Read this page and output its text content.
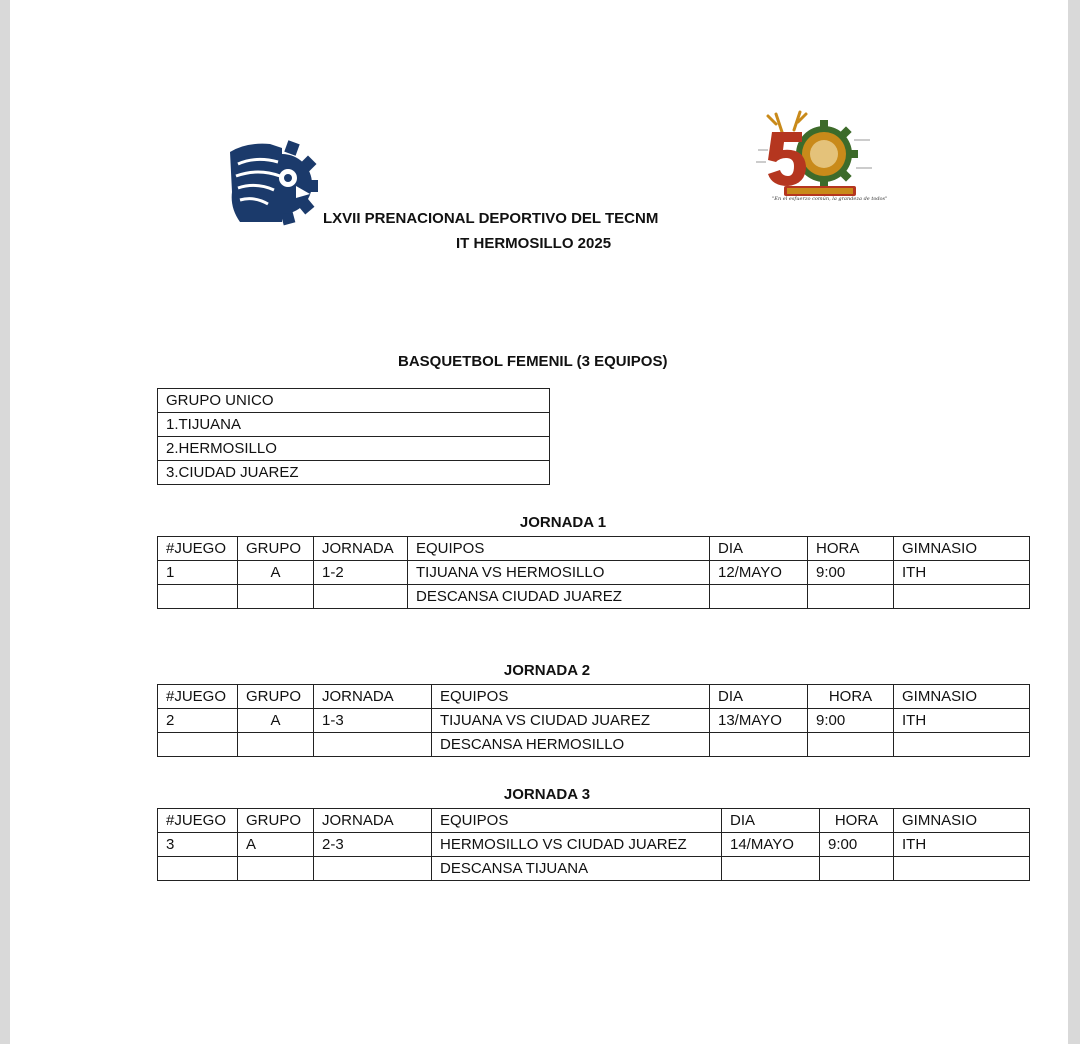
"En el esfuerzo común, la grandeza de todos"
LXVII PRENACIONAL DEPORTIVO DEL TECNM
IT HERMOSILLO 2025
BASQUETBOL FEMENIL (3 EQUIPOS)
GRUPO UNICO
1.TIJUANA
2.HERMOSILLO
3.CIUDAD JUAREZ
JORNADA 1
#JUEGO	GRUPO	JORNADA	EQUIPOS	DIA	HORA	GIMNASIO
1	A	1-2	TIJUANA VS HERMOSILLO	12/MAYO	9:00	ITH
			DESCANSA CIUDAD JUAREZ			
JORNADA 2
#JUEGO	GRUPO	JORNADA	EQUIPOS	DIA	HORA	GIMNASIO
2	A	1-3	TIJUANA VS CIUDAD JUAREZ	13/MAYO	9:00	ITH
			DESCANSA HERMOSILLO			
JORNADA 3
#JUEGO	GRUPO	JORNADA	EQUIPOS	DIA	HORA	GIMNASIO
3	A	2-3	HERMOSILLO VS CIUDAD JUAREZ	14/MAYO	9:00	ITH
			DESCANSA TIJUANA			
